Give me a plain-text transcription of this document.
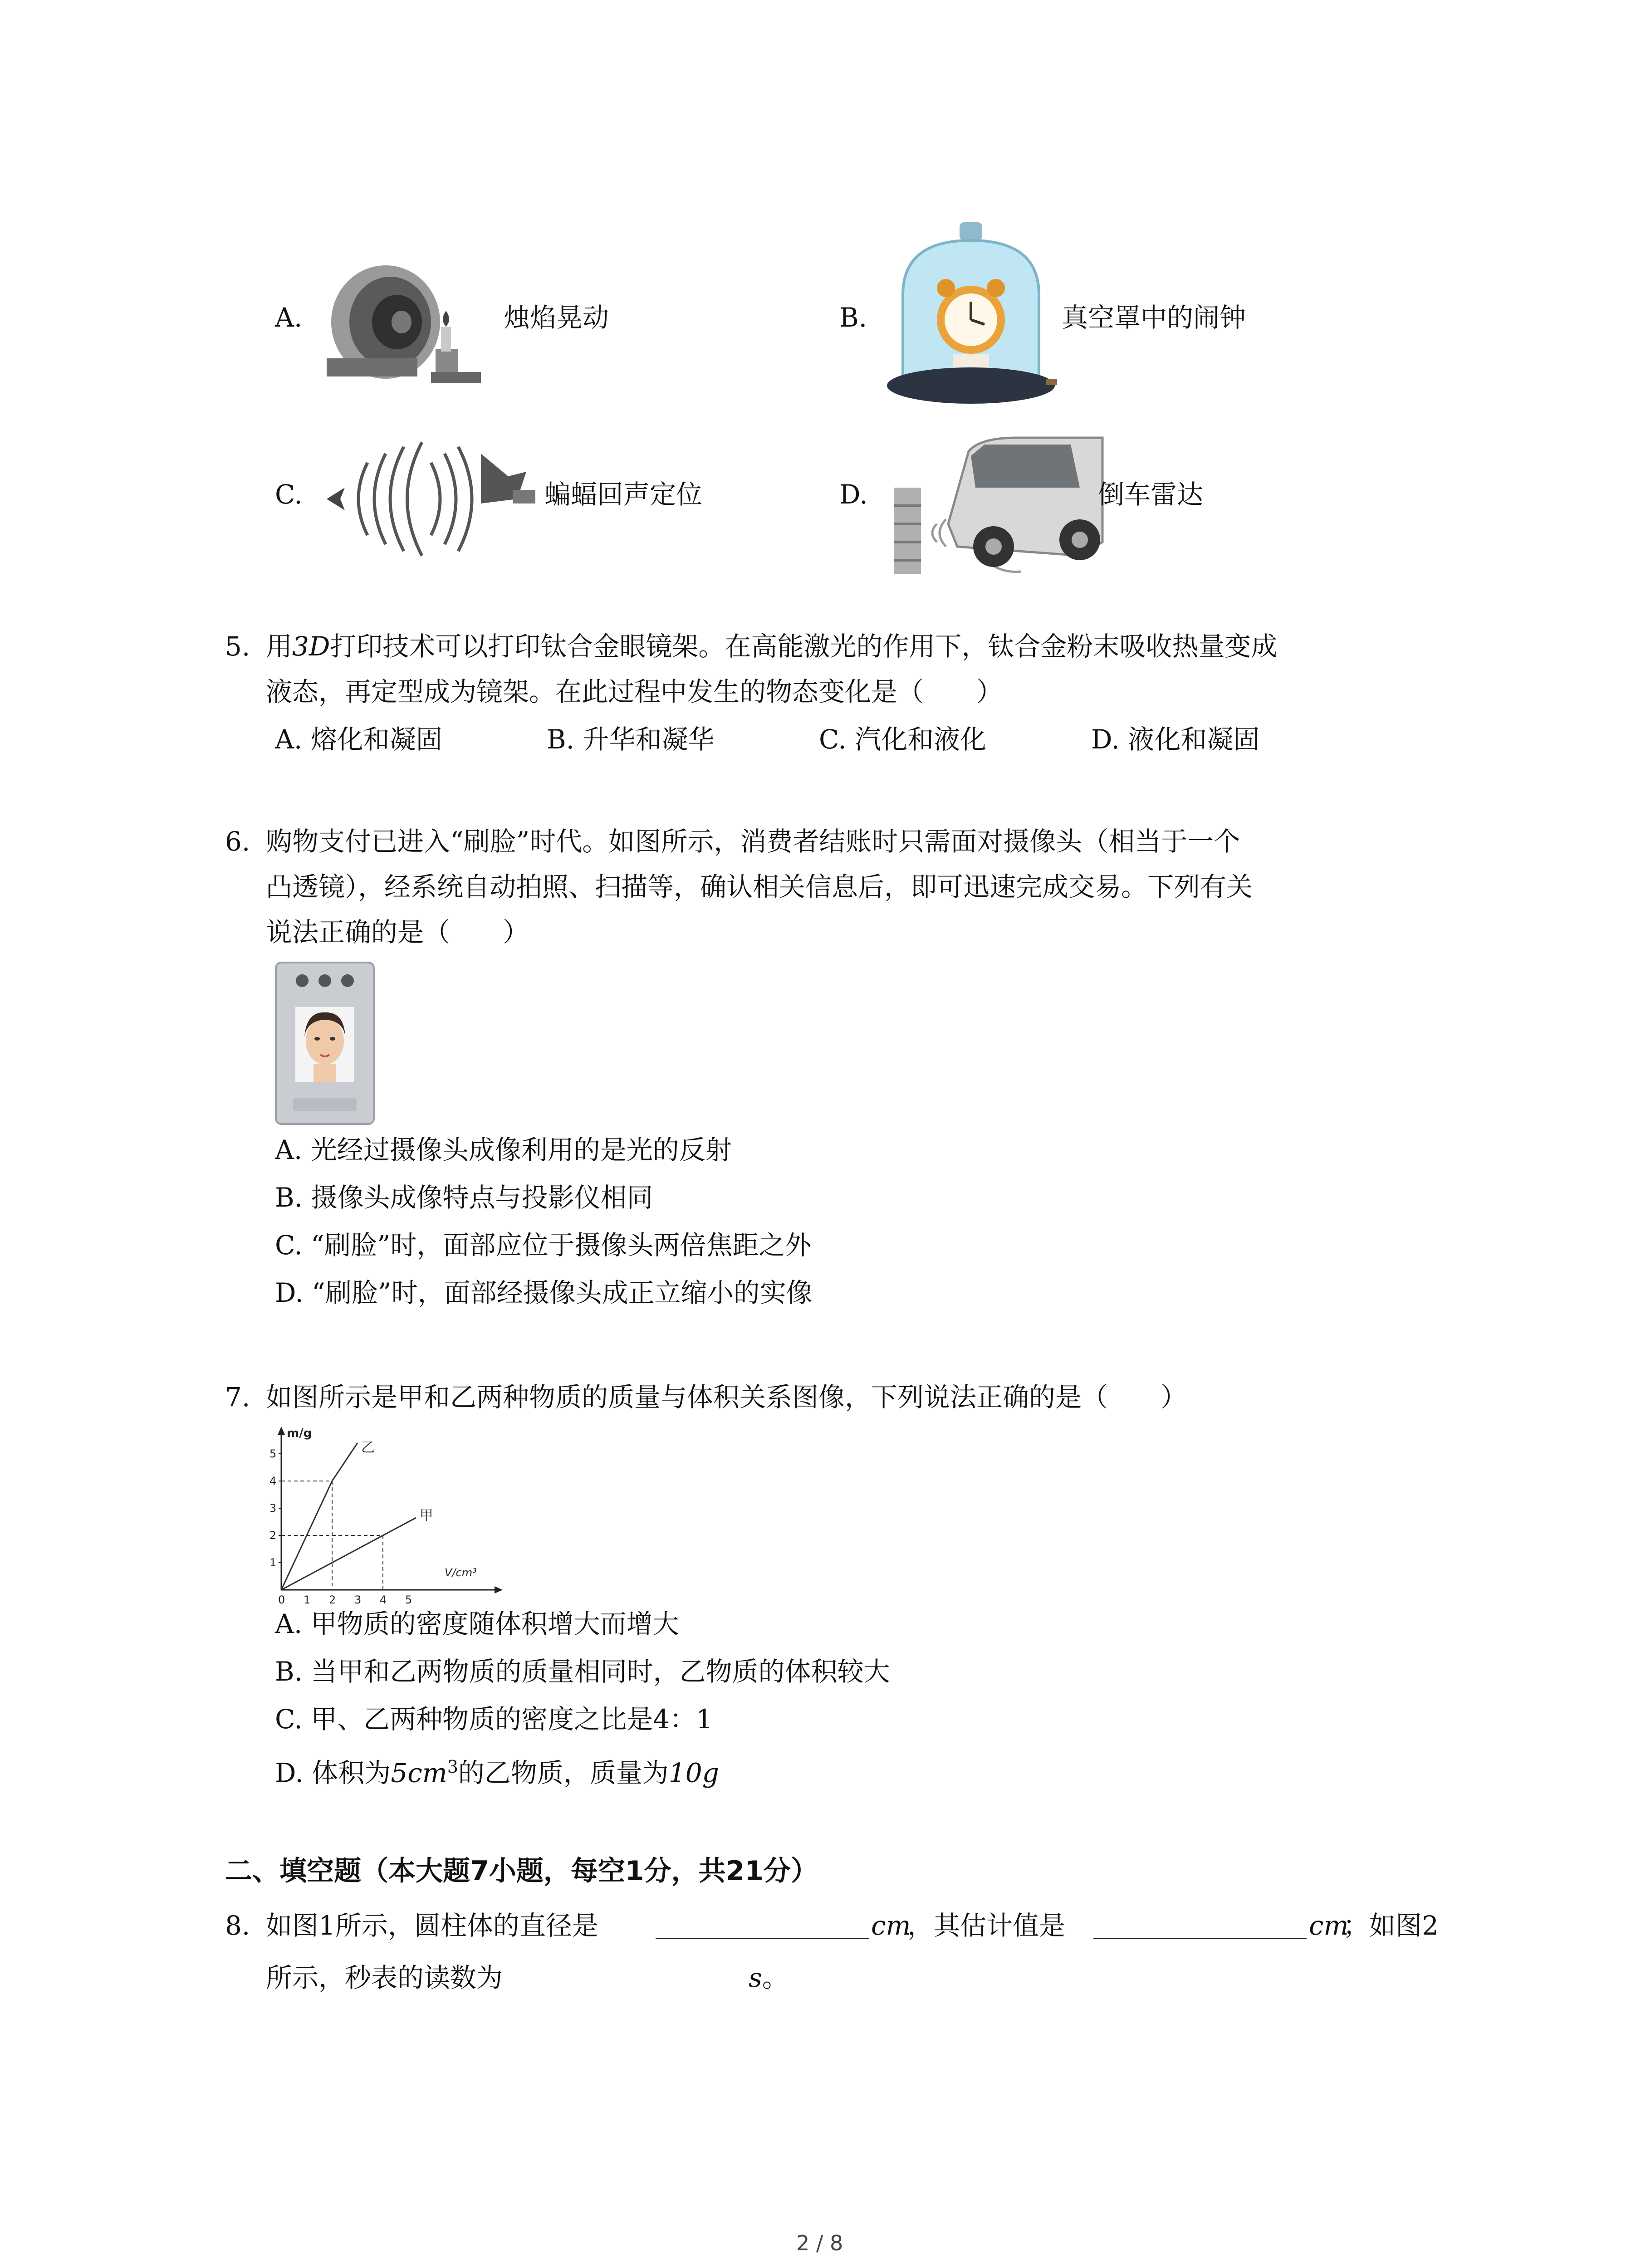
A.	烛焰晃动	B.	真空罩中的闹钟
C.	蝙蝠回声定位	D.	倒车雷达
5. 用3D打印技术可以打印钛合金眼镜架。在高能激光的作用下，钛合金粉末吸收热量变成
液态，再定型成为镜架。在此过程中发生的物态变化是（　　）
A. 熔化和凝固	B. 升华和凝华	C. 汽化和液化	D. 液化和凝固
6. 购物支付已进入“刷脸”时代。如图所示，消费者结账时只需面对摄像头（相当于一个
凸透镜），经系统自动拍照、扫描等，确认相关信息后，即可迅速完成交易。下列有关
说法正确的是（　　）
A. 光经过摄像头成像利用的是光的反射
B. 摄像头成像特点与投影仪相同
C. “刷脸”时，面部应位于摄像头两倍焦距之外
D. “刷脸”时，面部经摄像头成正立缩小的实像
7. 如图所示是甲和乙两种物质的质量与体积关系图像，下列说法正确的是（　　）
m/g
V/cm³
0 1 2 3 4 5
1
2
3
4
5	乙
甲
A. 甲物质的密度随体积增大而增大
B. 当甲和乙两物质的质量相同时，乙物质的体积较大
C. 甲、乙两种物质的密度之比是4：1
D. 体积为$5cm^3$的乙物质，质量为10g
二、填空题（本大题7小题，每空1分，共21分）
8. 如图1所示，圆柱体的直径是	cm
，其估计值是	cm
；如图2
所示，秒表的读数为	s。
2 / 8
